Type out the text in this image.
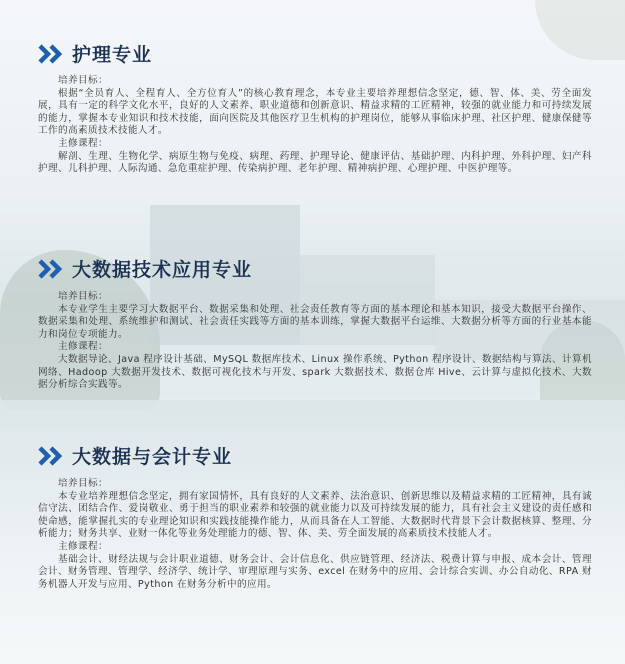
护理专业
培养目标：

根据“全员育人、全程育人、全方位育人”的核心教育理念，本专业主要培养理想信念坚定，德、智、体、美、劳全面发展，具有一定的科学文化水平，良好的人文素养、职业道德和创新意识、精益求精的工匠精神，较强的就业能力和可持续发展的能力，掌握本专业知识和技术技能，面向医院及其他医疗卫生机构的护理岗位，能够从事临床护理、社区护理、健康保健等工作的高素质技术技能人才。

主修课程：

解剖、生理、生物化学、病原生物与免疫、病理、药理、护理导论、健康评估、基础护理、内科护理、外科护理、妇产科护理、儿科护理、人际沟通、急危重症护理、传染病护理、老年护理、精神病护理、心理护理、中医护理等。

大数据技术应用专业
培养目标：

本专业学生主要学习大数据平台、数据采集和处理、社会责任教育等方面的基本理论和基本知识，接受大数据平台操作、数据采集和处理、系统维护和测试、社会责任实践等方面的基本训练，掌握大数据平台运维、大数据分析等方面的行业基本能力和岗位专项能力。

主修课程：

大数据导论、Java 程序设计基础、MySQL 数据库技术、Linux 操作系统、Python 程序设计、数据结构与算法、计算机网络、Hadoop 大数据开发技术、数据可视化技术与开发、spark 大数据技术、数据仓库 Hive、云计算与虚拟化技术、大数据分析综合实践等。

大数据与会计专业
培养目标：

本专业培养理想信念坚定，拥有家国情怀，具有良好的人文素养、法治意识、创新思维以及精益求精的工匠精神，具有诚信守法、团结合作、爱岗敬业、勇于担当的职业素养和较强的就业能力以及可持续发展的能力，具有社会主义建设的责任感和使命感，能掌握扎实的专业理论知识和实践技能操作能力，从而具备在人工智能、大数据时代背景下会计数据核算、整理、分析能力；财务共享、业财一体化等业务处理能力的德、智、体、美、劳全面发展的高素质技术技能人才。

主修课程：

基础会计、财经法规与会计职业道德、财务会计、会计信息化、供应链管理、经济法、税费计算与申报、成本会计、管理会计、财务管理、管理学、经济学、统计学、审理原理与实务、excel 在财务中的应用、会计综合实训、办公自动化、RPA 财务机器人开发与应用、Python 在财务分析中的应用。
